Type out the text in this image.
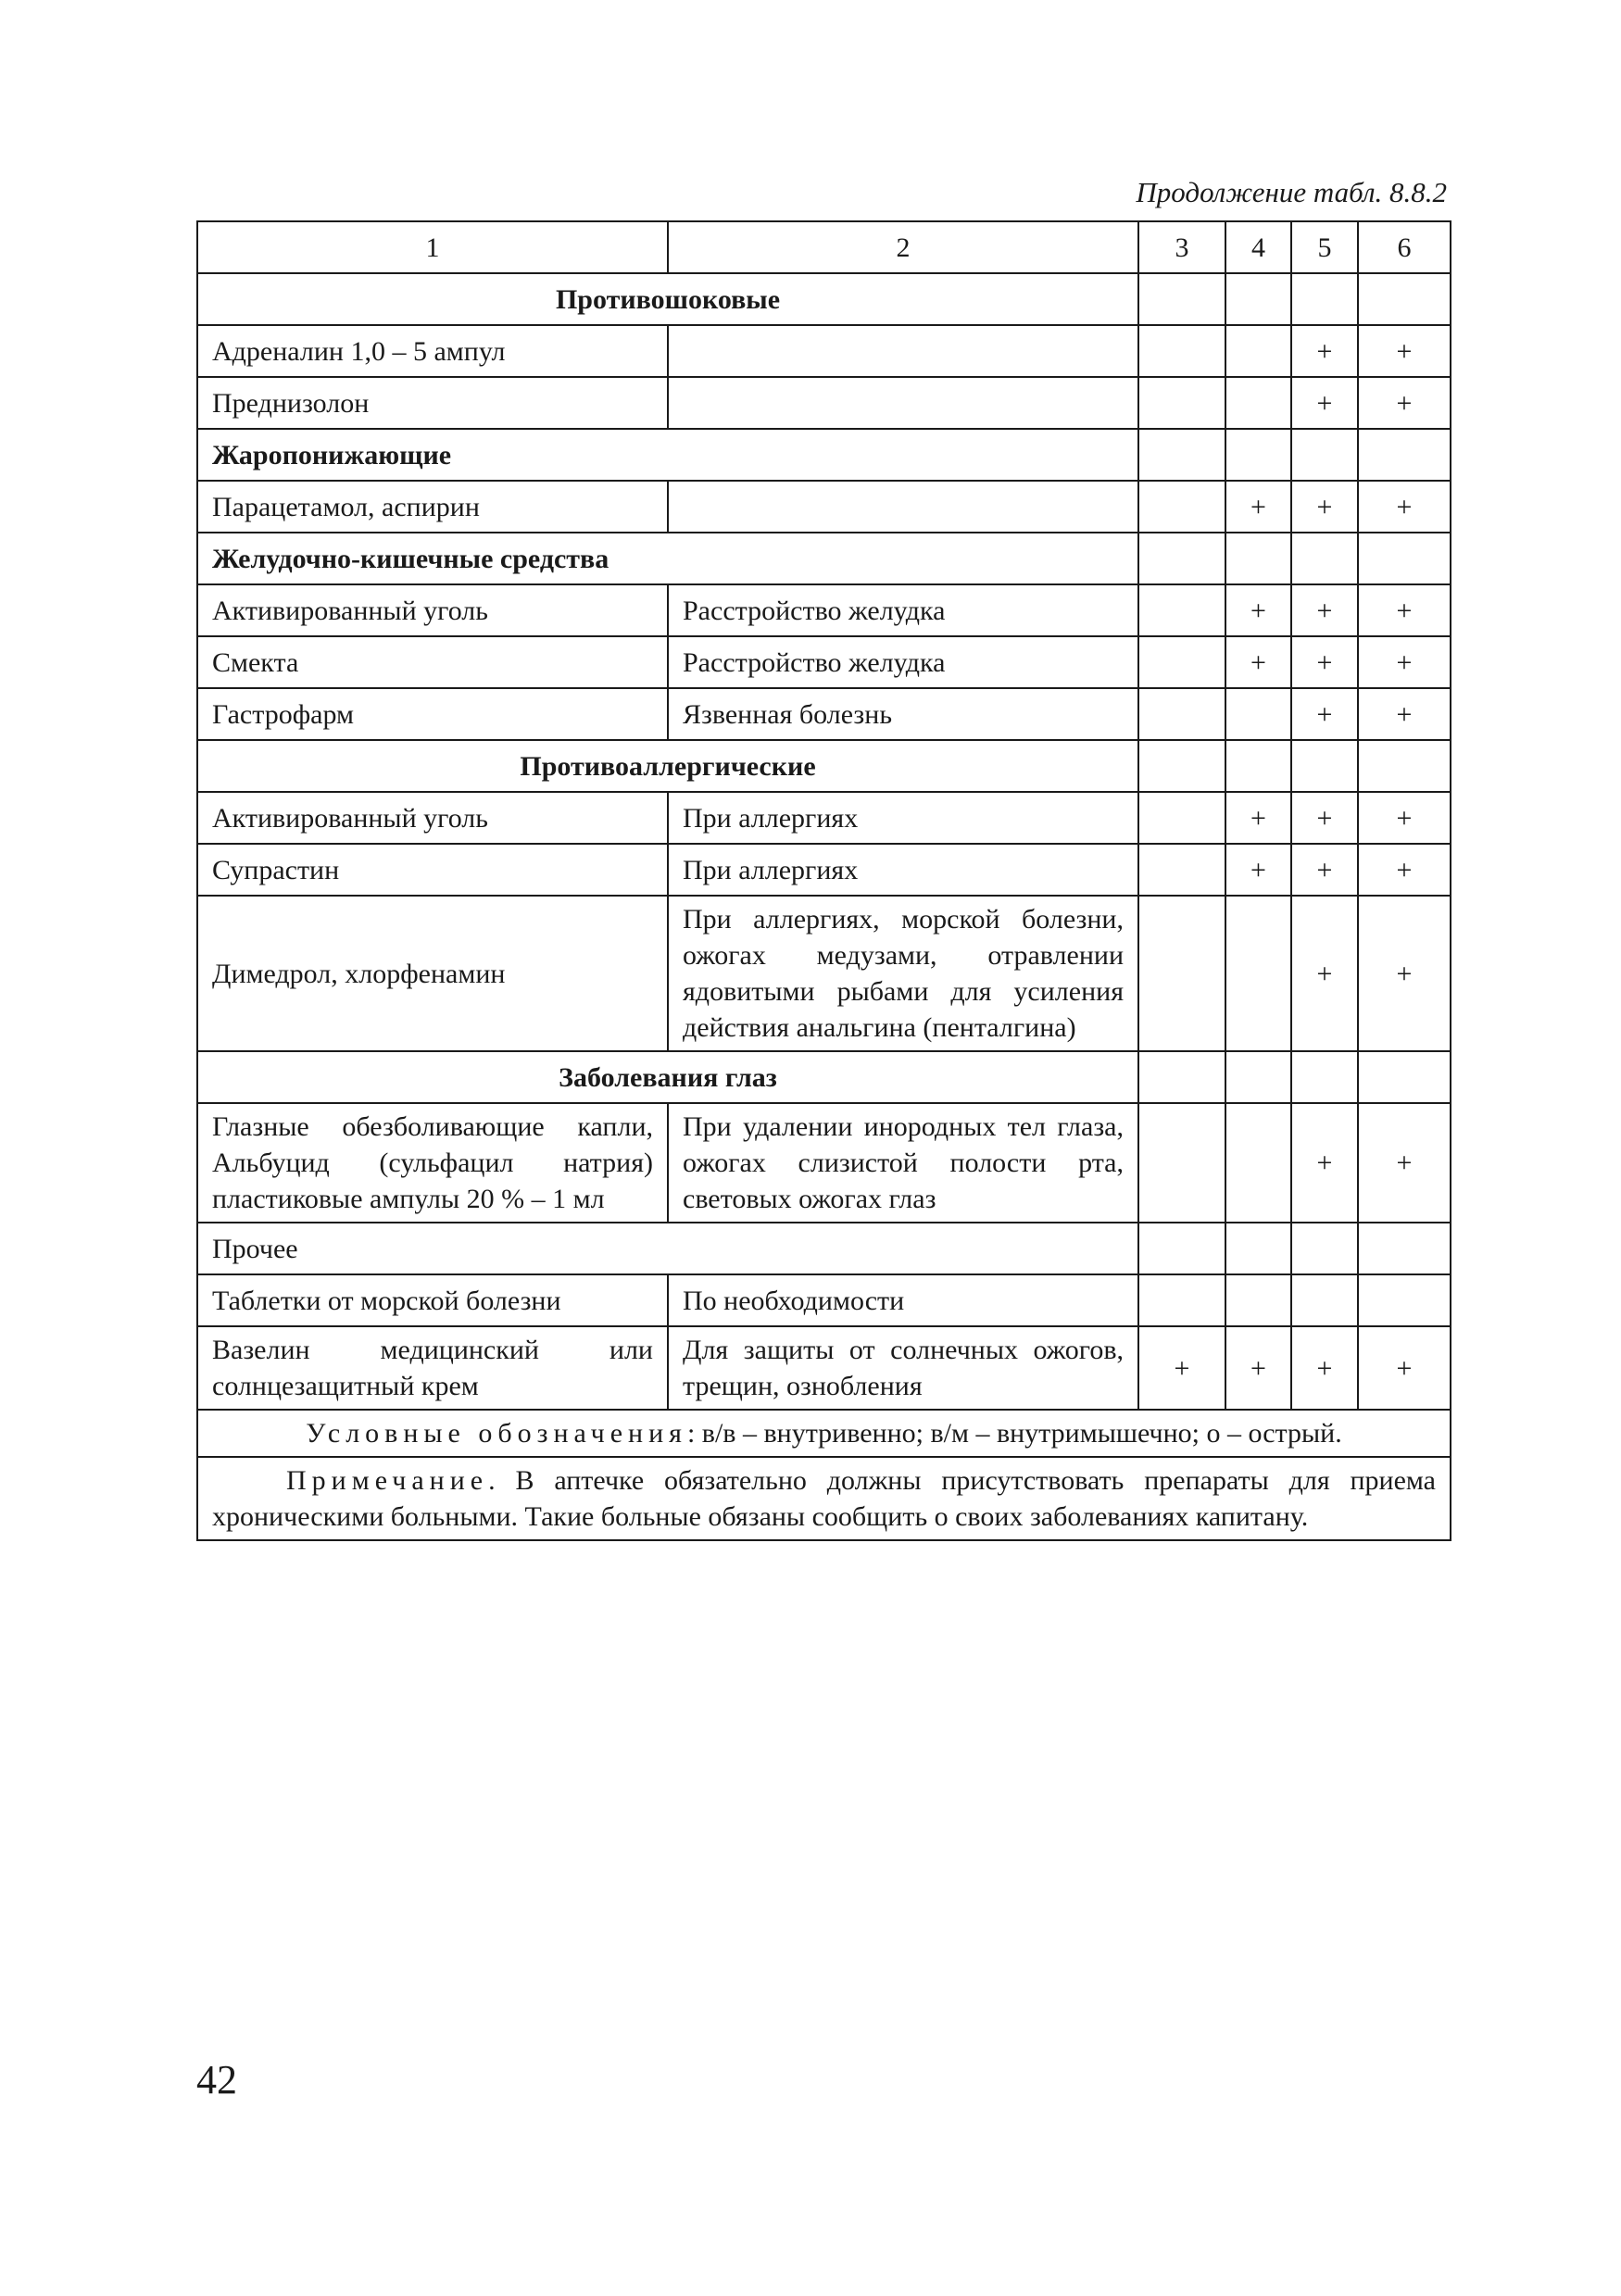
Продолжение табл. 8.8.2
1	2	3	4	5	6
Противошоковые					
Адреналин 1,0 – 5 ампул				+	+
Преднизолон				+	+
Жаропонижающие					
Парацетамол, аспирин			+	+	+
Желудочно-кишечные средства					
Активированный уголь	Расстройство желудка		+	+	+
Смекта	Расстройство желудка		+	+	+
Гастрофарм	Язвенная болезнь			+	+
Противоаллергические					
Активированный уголь	При аллергиях		+	+	+
Супрастин	При аллергиях		+	+	+
Димедрол, хлорфенамин	При аллергиях, морской болезни, ожогах медузами, отравлении ядовитыми рыбами для усиления действия анальгина (пенталгина)			+	+
Заболевания глаз					
Глазные обезболивающие капли, Альбуцид (сульфацил натрия) пластиковые ампулы 20 % – 1 мл	При удалении инородных тел глаза, ожогах слизистой полости рта, световых ожогах глаз			+	+
Прочее					
Таблетки от морской болезни	По необходимости				
Вазелин медицинский или солнцезащитный крем	Для защиты от солнечных ожогов, трещин, ознобления	+	+	+	+
Условные обозначения: в/в – внутривенно; в/м – внутримышечно; о – острый.					
Примечание. В аптечке обязательно должны присутствовать препараты для приема хроническими больными. Такие больные обязаны сообщить о своих заболеваниях капитану.					
42
